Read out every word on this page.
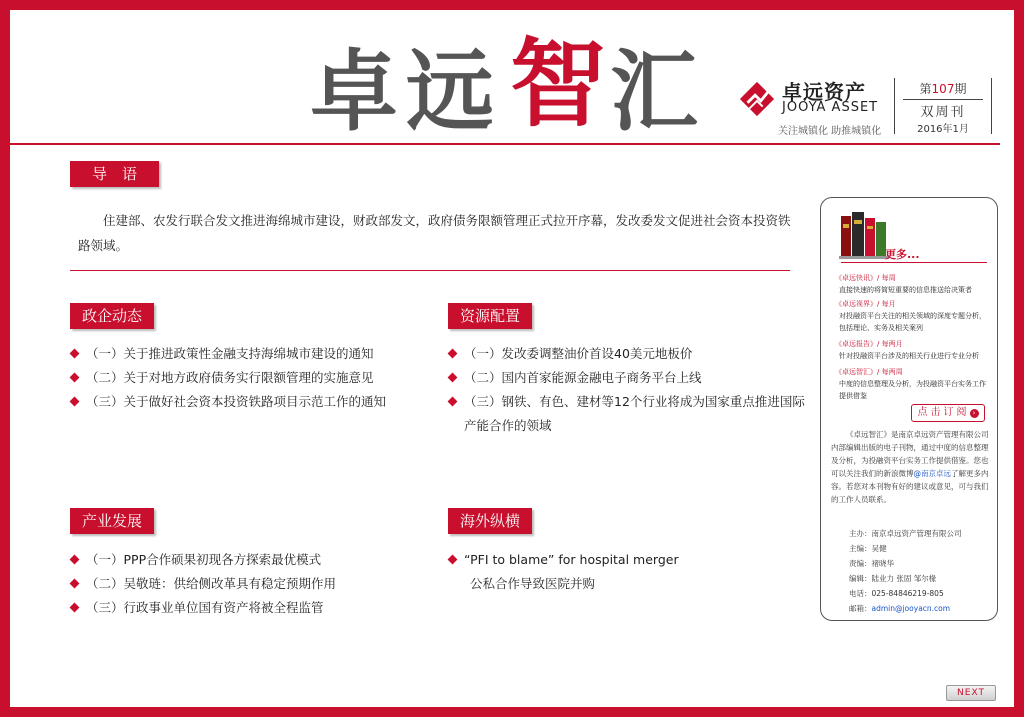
卓 远 智 汇	卓远资产
JOOYA ASSET
关注城镇化 助推城镇化
第107期
双周刊
2016年1月
导　语
住建部、农发行联合发文推进海绵城市建设，财政部发文，政府债务限额管理正式拉开序幕，发改委发文促进社会资本投资铁路领域。
政企动态
（一）关于推进政策性金融支持海绵城市建设的通知
（二）关于对地方政府债务实行限额管理的实施意见
（三）关于做好社会资本投资铁路项目示范工作的通知
资源配置
（一）发改委调整油价首设40美元地板价
（二）国内首家能源金融电子商务平台上线
（三）钢铁、有色、建材等12个行业将成为国家重点推进国际产能合作的领域
产业发展
（一）PPP合作硕果初现各方探索最优模式
（二）吴敬琏：供给侧改革具有稳定预期作用
（三）行政事业单位国有资产将被全程监管
海外纵横
“PFI to blame” for hospital merger
公私合作导致医院并购
更多...
《卓远快讯》/ 每周
直接快速的将简短重要的信息推送给决策者
《卓远视界》/ 每月
对投融资平台关注的相关领域的深度专题分析，包括理论、实务及相关案列
《卓远报告》/ 每两月
针对投融资平台涉及的相关行业进行专业分析
《卓远智汇》/ 每两周
中度的信息整理及分析，为投融资平台实务工作提供借鉴
点击订阅 ›
《卓远智汇》是南京卓远资产管理有限公司内部编辑出版的电子刊物，通过中度的信息整理及分析，为投融资平台实务工作提供借鉴。您也可以关注我们的新浪微博@南京卓远了解更多内容。若您对本刊物有好的建议或意见，可与我们的工作人员联系。
主办：南京卓远资产管理有限公司
主编：吴健
责编：褚晓华
编辑：陆业力 张固 邹尔椽
电话：025-84846219-805
邮箱：admin@jooyacn.com
NEXT
